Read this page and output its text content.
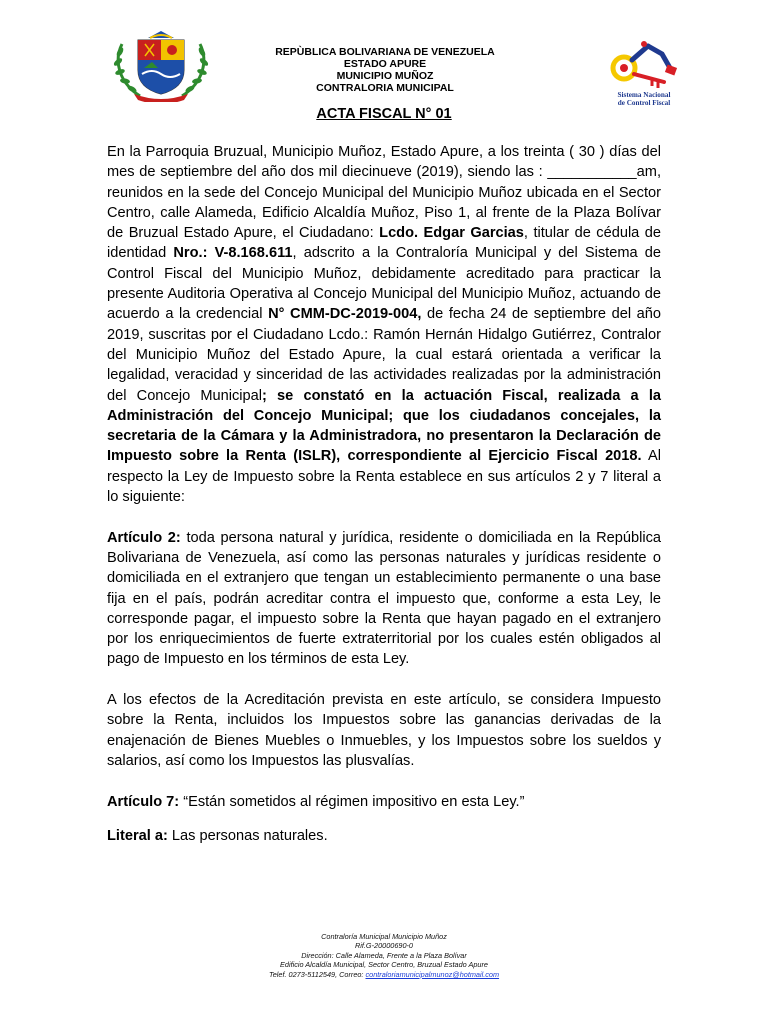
REPÙBLICA BOLIVARIANA DE VENEZUELA
ESTADO APURE
MUNICIPIO MUÑOZ
CONTRALORIA MUNICIPAL
Sistema Nacional
de Control Fiscal
ACTA FISCAL N° 01

En la Parroquia Bruzual, Municipio Muñoz, Estado Apure, a los treinta ( 30 ) días del mes de septiembre del año dos mil diecinueve (2019), siendo las : ___________am, reunidos en la sede del Concejo Municipal del Municipio Muñoz ubicada en el Sector Centro, calle Alameda, Edificio Alcaldía Muñoz, Piso 1, al frente de la Plaza Bolívar de Bruzual Estado Apure, el Ciudadano: Lcdo. Edgar Garcias, titular de cédula de identidad Nro.: V-8.168.611, adscrito a la Contraloría Municipal y del Sistema de Control Fiscal del Municipio Muñoz, debidamente acreditado para practicar la presente Auditoria Operativa al Concejo Municipal del Municipio Muñoz, actuando de acuerdo a la credencial N° CMM-DC-2019-004, de fecha 24 de septiembre del año 2019, suscritas por el Ciudadano Lcdo.: Ramón Hernán Hidalgo Gutiérrez, Contralor del Municipio Muñoz del Estado Apure, la cual estará orientada a verificar la legalidad, veracidad y sinceridad de las actividades realizadas por la administración del Concejo Municipal; se constató en la actuación Fiscal, realizada a la Administración del Concejo Municipal; que los ciudadanos concejales, la secretaria de la Cámara y la Administradora, no presentaron la Declaración de Impuesto sobre la Renta (ISLR), correspondiente al Ejercicio Fiscal 2018. Al respecto la Ley de Impuesto sobre la Renta establece en sus artículos 2 y 7 literal a lo siguiente:

Artículo 2: toda persona natural y jurídica, residente o domiciliada en la República Bolivariana de Venezuela, así como las personas naturales y jurídicas residente o domiciliada en el extranjero que tengan un establecimiento permanente o una base fija en el país, podrán acreditar contra el impuesto que, conforme a esta Ley, le corresponde pagar, el impuesto sobre la Renta que hayan pagado en el extranjero por los enriquecimientos de fuerte extraterritorial por los cuales estén obligados al pago de Impuesto en los términos de esta Ley.

A los efectos de la Acreditación prevista en este artículo, se considera Impuesto sobre la Renta, incluidos los Impuestos sobre las ganancias derivadas de la enajenación de Bienes Muebles o Inmuebles, y los Impuestos sobre los sueldos y salarios, así como los Impuestos las plusvalías.

Artículo 7: “Están sometidos al régimen impositivo en esta Ley.”

Literal a: Las personas naturales.

Contraloría Municipal Municipio Muñoz
Rif.G-20000690-0
Dirección: Calle Alameda, Frente a la Plaza Bolívar
Edificio Alcaldía Municipal, Sector Centro, Bruzual Estado Apure
Telef. 0273-5112549, Correo: contraloriamunicipalmunoz@hotmail.com
